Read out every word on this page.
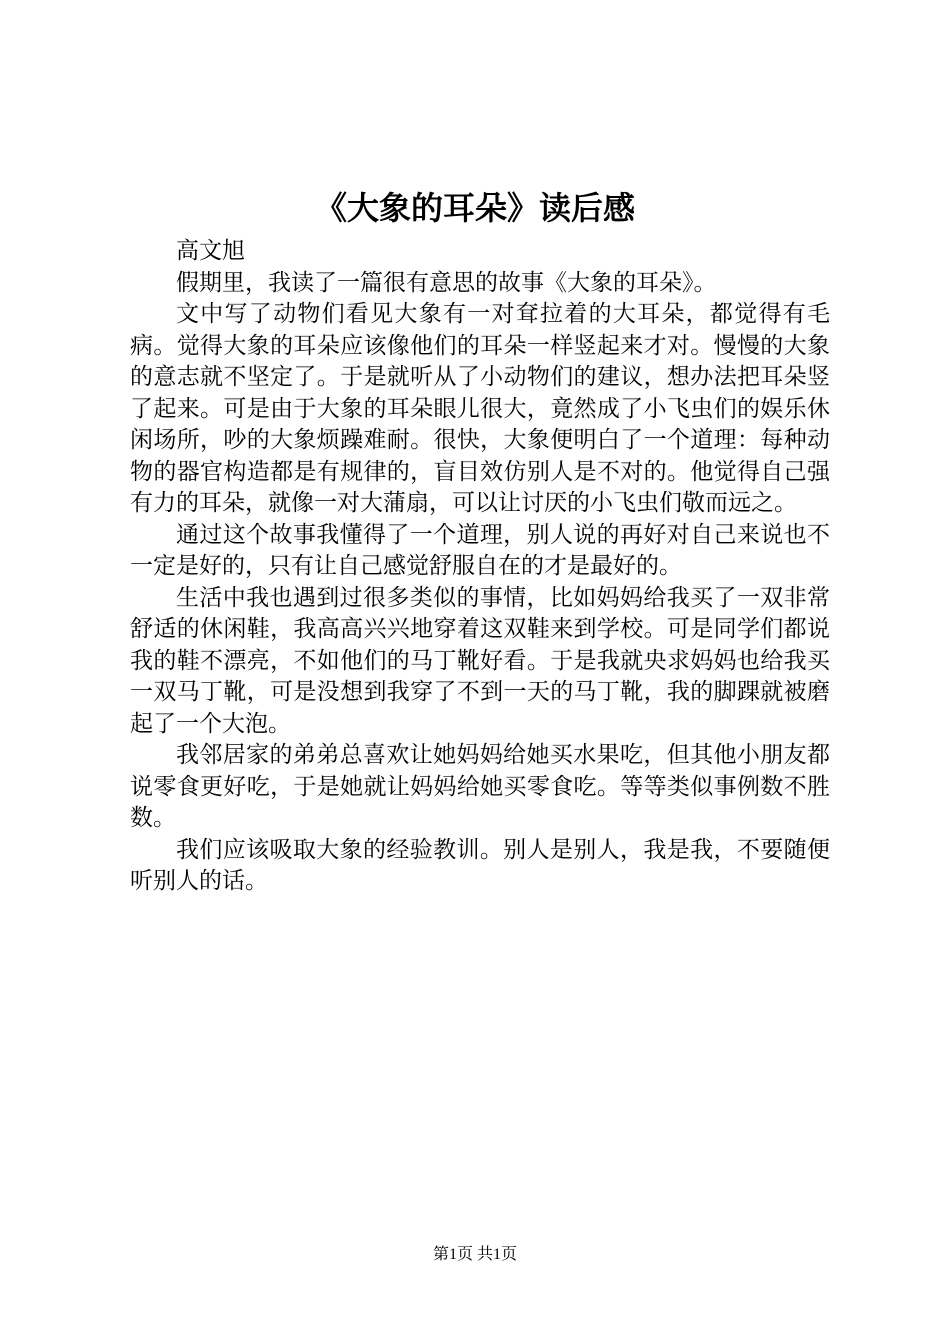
《大象的耳朵》读后感

高文旭

假期里，我读了一篇很有意思的故事《大象的耳朵》。

文中写了动物们看见大象有一对耷拉着的大耳朵，都觉得有毛病。觉得大象的耳朵应该像他们的耳朵一样竖起来才对。慢慢的大象的意志就不坚定了。于是就听从了小动物们的建议，想办法把耳朵竖了起来。可是由于大象的耳朵眼儿很大，竟然成了小飞虫们的娱乐休闲场所，吵的大象烦躁难耐。很快，大象便明白了一个道理：每种动物的器官构造都是有规律的，盲目效仿别人是不对的。他觉得自己强有力的耳朵，就像一对大蒲扇，可以让讨厌的小飞虫们敬而远之。

通过这个故事我懂得了一个道理，别人说的再好对自己来说也不一定是好的，只有让自己感觉舒服自在的才是最好的。

生活中我也遇到过很多类似的事情，比如妈妈给我买了一双非常舒适的休闲鞋，我高高兴兴地穿着这双鞋来到学校。可是同学们都说我的鞋不漂亮，不如他们的马丁靴好看。于是我就央求妈妈也给我买一双马丁靴，可是没想到我穿了不到一天的马丁靴，我的脚踝就被磨起了一个大泡。

我邻居家的弟弟总喜欢让她妈妈给她买水果吃，但其他小朋友都说零食更好吃，于是她就让妈妈给她买零食吃。等等类似事例数不胜数。

我们应该吸取大象的经验教训。别人是别人，我是我，不要随便听别人的话。

第1页 共1页
